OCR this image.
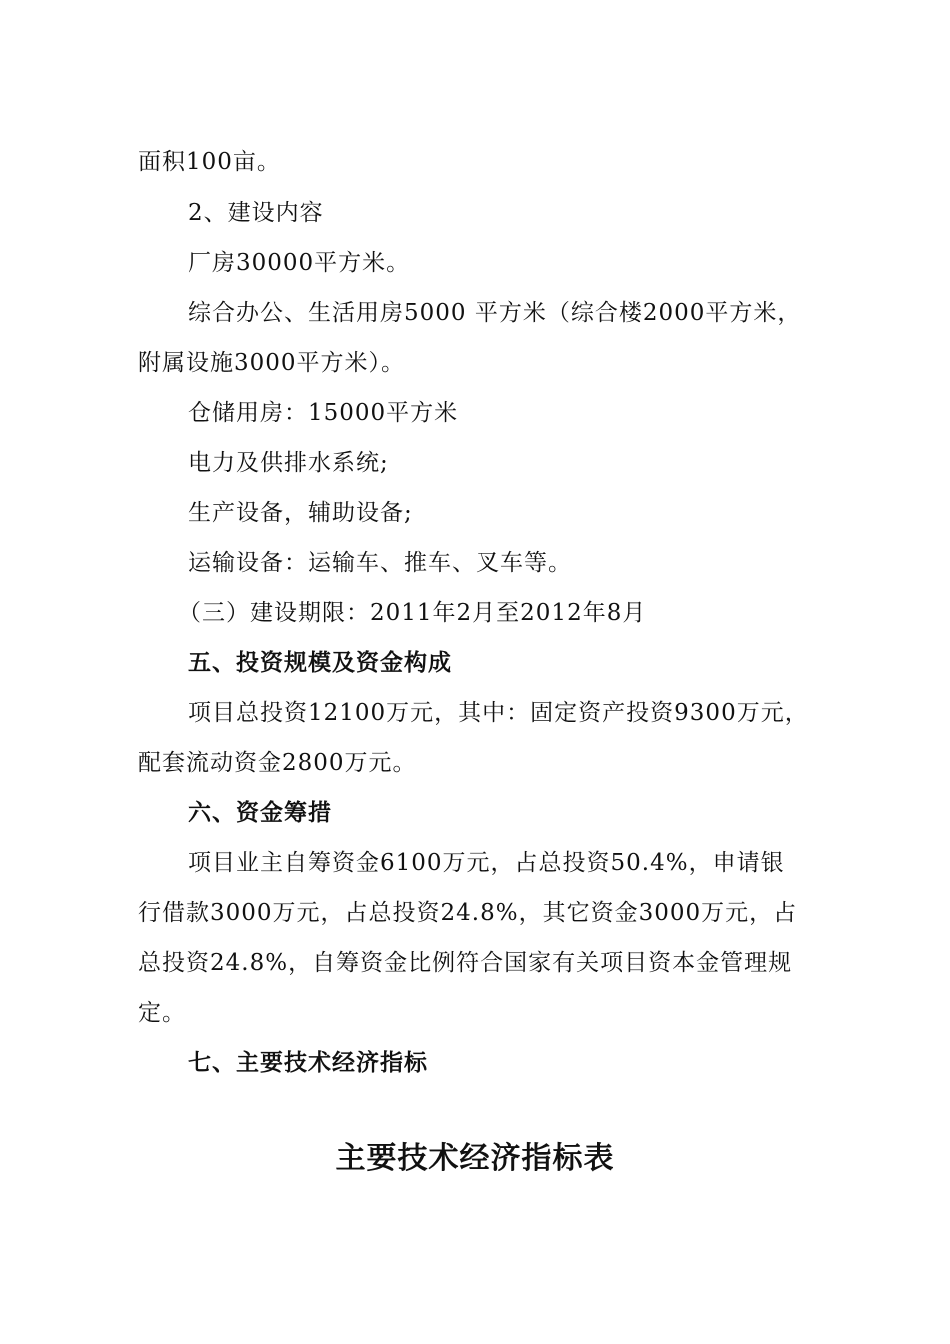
面积100亩。
2、建设内容
厂房30000平方米。
综合办公、生活用房5000 平方米（综合楼2000平方米，
附属设施3000平方米）。
仓储用房：15000平方米
电力及供排水系统;
生产设备，辅助设备;
运输设备：运输车、推车、叉车等。
（三）建设期限：2011年2月至2012年8月
五、投资规模及资金构成
项目总投资12100万元，其中：固定资产投资9300万元，
配套流动资金2800万元。
六、资金筹措
项目业主自筹资金6100万元，占总投资50.4%，申请银
行借款3000万元，占总投资24.8%，其它资金3000万元，占
总投资24.8%，自筹资金比例符合国家有关项目资本金管理规
定。
七、主要技术经济指标
主要技术经济指标表
